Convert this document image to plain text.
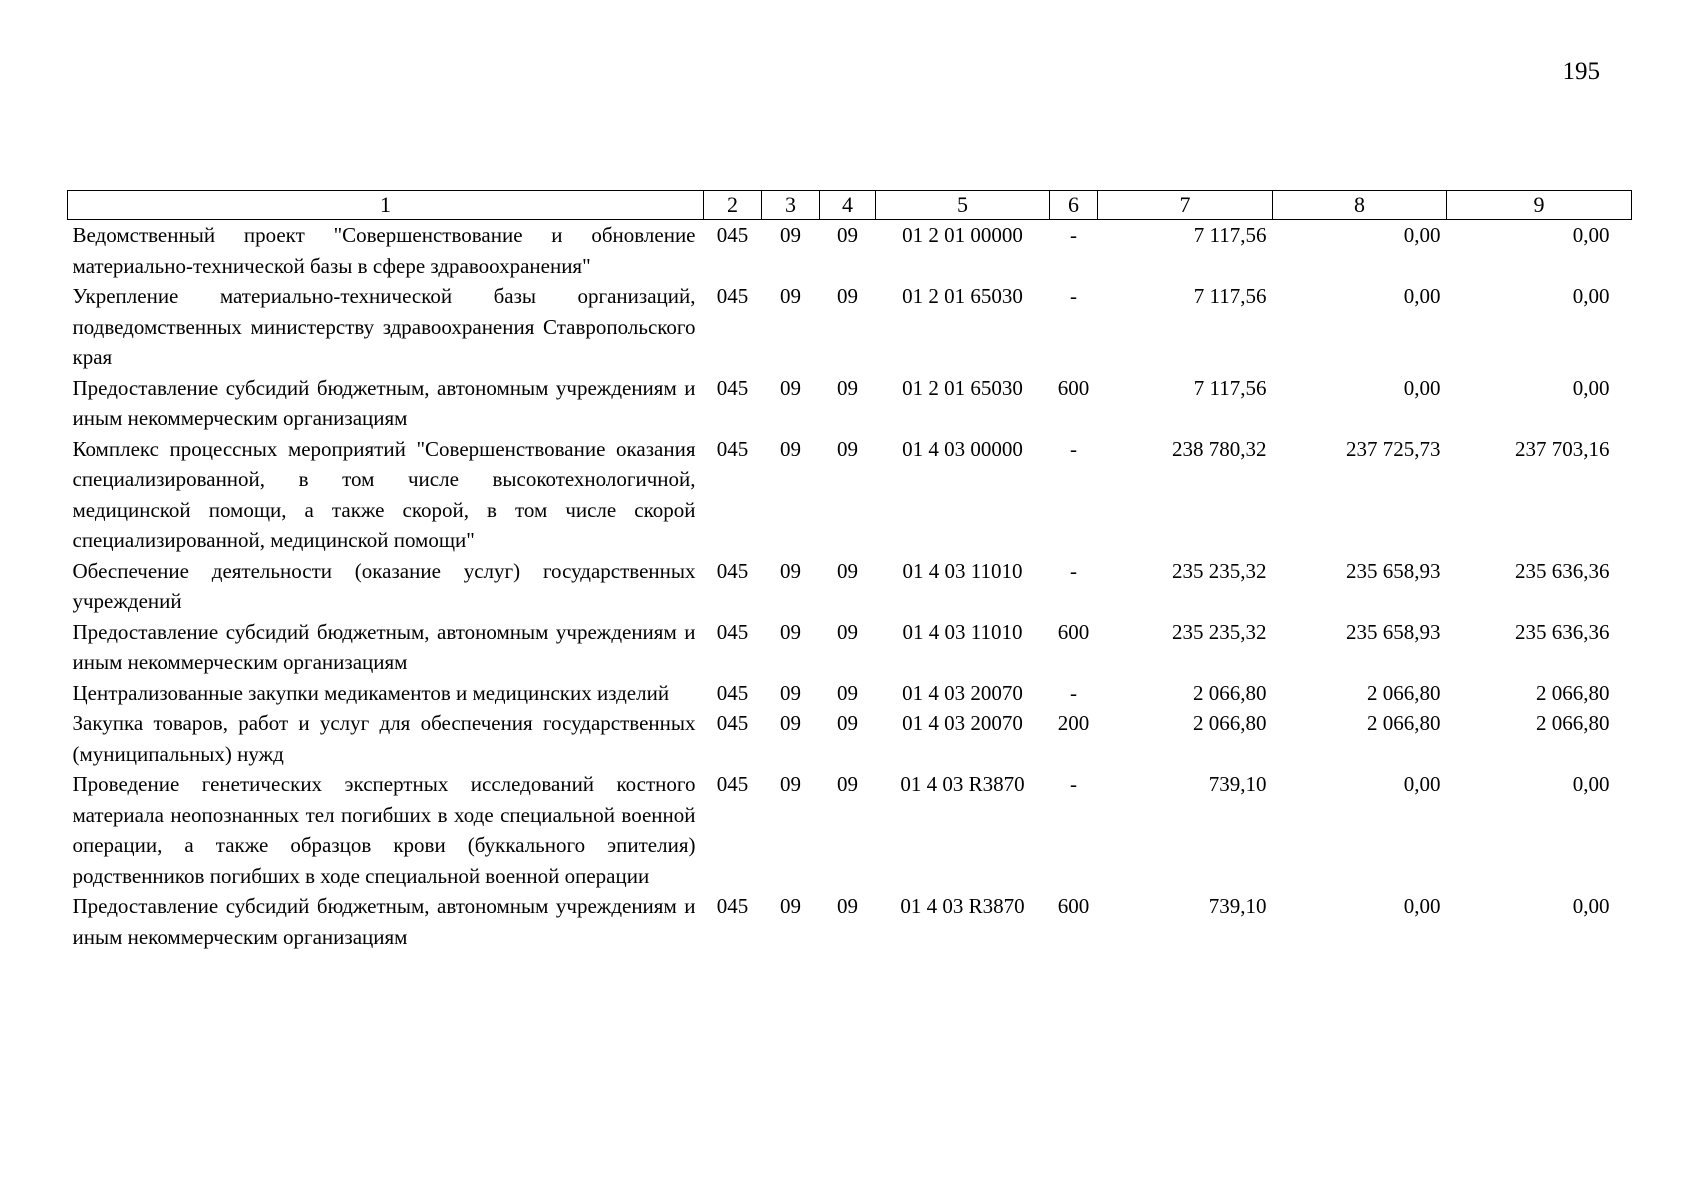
195
1	2	3	4	5	6	7	8	9
Ведомственный проект "Совершенствование и обновление материально-технической базы в сфере здравоохранения"	045	09	09	01 2 01 00000	-	7 117,56	0,00	0,00
Укрепление материально-технической базы организаций, подведомственных министерству здравоохранения Ставропольского края	045	09	09	01 2 01 65030	-	7 117,56	0,00	0,00
Предоставление субсидий бюджетным, автономным учреждениям и иным некоммерческим организациям	045	09	09	01 2 01 65030	600	7 117,56	0,00	0,00
Комплекс процессных мероприятий "Совершенствование оказания специализированной, в том числе высокотехнологичной, медицинской помощи, а также скорой, в том числе скорой специализированной, медицинской помощи"	045	09	09	01 4 03 00000	-	238 780,32	237 725,73	237 703,16
Обеспечение деятельности (оказание услуг) государственных учреждений	045	09	09	01 4 03 11010	-	235 235,32	235 658,93	235 636,36
Предоставление субсидий бюджетным, автономным учреждениям и иным некоммерческим организациям	045	09	09	01 4 03 11010	600	235 235,32	235 658,93	235 636,36
Централизованные закупки медикаментов и медицинских изделий	045	09	09	01 4 03 20070	-	2 066,80	2 066,80	2 066,80
Закупка товаров, работ и услуг для обеспечения государственных (муниципальных) нужд	045	09	09	01 4 03 20070	200	2 066,80	2 066,80	2 066,80
Проведение генетических экспертных исследований костного материала неопознанных тел погибших в ходе специальной военной операции, а также образцов крови (буккального эпителия) родственников погибших в ходе специальной военной операции	045	09	09	01 4 03 R3870	-	739,10	0,00	0,00
Предоставление субсидий бюджетным, автономным учреждениям и иным некоммерческим организациям	045	09	09	01 4 03 R3870	600	739,10	0,00	0,00
